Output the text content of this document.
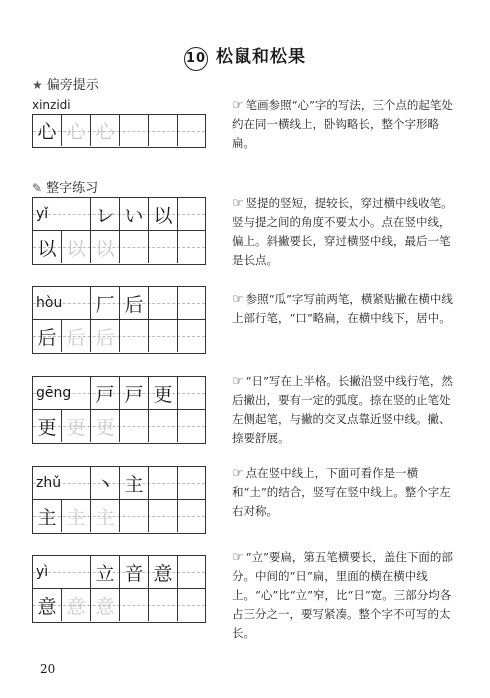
10 松鼠和松果
★ 偏旁提示
xinzidi
心 心 心
☞ 笔画参照“心”字的写法，三个点的起笔处约在同一横线上，卧钩略长，整个字形略扁。
✎ 整字练习
yǐ	レ い 以
以 以 以
☞ 竖提的竖短，提较长，穿过横中线收笔。竖与提之间的角度不要太小。点在竖中线，偏上。斜撇要长，穿过横竖中线，最后一笔是长点。
hòu	厂 后
后 后 后
☞ 参照“瓜”字写前两笔，横紧贴撇在横中线上部行笔，“口”略扁，在横中线下，居中。
gēng	戸 戸 更
更 更 更
☞ “日”写在上半格。长撇沿竖中线行笔，然后撇出，要有一定的弧度。捺在竖的止笔处左侧起笔，与撇的交叉点靠近竖中线。撇、捺要舒展。
zhǔ	丶 主
主 主 主
☞ 点在竖中线上，下面可看作是一横和“土”的结合，竖写在竖中线上。整个字左右对称。
yì	立 音 意
意 意 意
☞ “立”要扁，第五笔横要长，盖住下面的部分。中间的“日”扁，里面的横在横中线上。“心”比“立”窄，比“日”宽。三部分均各占三分之一，要写紧凑。整个字不可写的太长。
20
